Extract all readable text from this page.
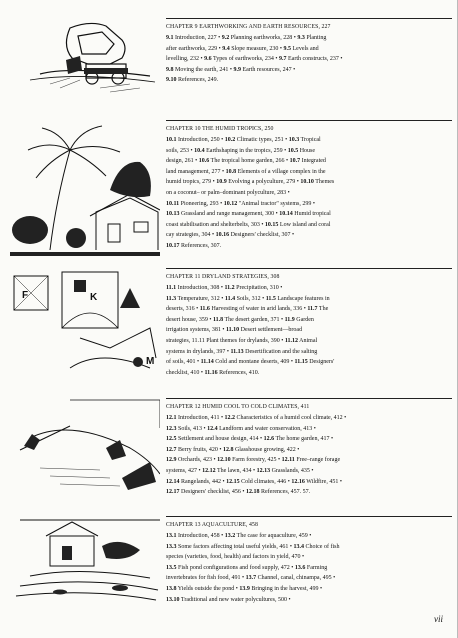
CHAPTER 9 EARTHWORKING AND EARTH RESOURCES, 227
9.1 Introduction, 227 • 9.2 Planning earthworks, 228 • 9.3 Planting
after earthworks, 229 • 9.4 Slope measure, 230 • 9.5 Levels and
levelling, 232 • 9.6 Types of earthworks, 234 • 9.7 Earth constructs, 237 •
9.8 Moving the earth, 241 • 9.9 Earth resources, 247 •
9.10 References, 249.
CHAPTER 10 THE HUMID TROPICS, 250
10.1 Introduction, 250 • 10.2 Climatic types, 251 • 10.3 Tropical
soils, 253 • 10.4 Earthshaping in the tropics, 259 • 10.5 House
design, 261 • 10.6 The tropical home garden, 266 • 10.7 Integrated
land management, 277 • 10.8 Elements of a village complex in the
humid tropics, 279 • 10.9 Evolving a polyculture, 279 • 10.10 Themes
on a coconut– or palm–dominant polyculture, 283 •
10.11 Pioneering, 293 • 10.12 "Animal tractor" systems, 299 •
10.13 Grassland and range management, 300 • 10.14 Humid tropical
coast stabilisation and shelterbelts, 303 • 10.15 Low island and coral
cay strategies, 304 • 10.16 Designers' checklist, 307 •
10.17 References, 307.
F	K
M
CHAPTER 11 DRYLAND STRATEGIES, 308
11.1 Introduction, 308 • 11.2 Precipitation, 310 •
11.3 Temperature, 312 • 11.4 Soils, 312 • 11.5 Landscape features in
deserts, 316 • 11.6 Harvesting of water in arid lands, 336 • 11.7 The
desert house, 359 • 11.8 The desert garden, 371 • 11.9 Garden
irrigation systems, 381 • 11.10 Desert settlement—broad
strategies, 11.11 Plant themes for drylands, 390 • 11.12 Animal
systems in drylands, 397 • 11.13 Desertification and the salting
of soils, 401 • 11.14 Cold and montane deserts, 409 • 11.15 Designers'
checklist, 410 • 11.16 References, 410.
CHAPTER 12 HUMID COOL TO COLD CLIMATES, 411
12.1 Introduction, 411 • 12.2 Characteristics of a humid cool climate, 412 •
12.3 Soils, 413 • 12.4 Landform and water conservation, 413 •
12.5 Settlement and house design, 414 • 12.6 The home garden, 417 •
12.7 Berry fruits, 420 • 12.8 Glasshouse growing, 422 •
12.9 Orchards, 423 • 12.10 Farm forestry, 425 • 12.11 Free–range forage
systems, 427 • 12.12 The lawn, 434 • 12.13 Grasslands, 435 •
12.14 Rangelands, 442 • 12.15 Cold climates, 446 • 12.16 Wildfire, 451 •
12.17 Designers' checklist, 456 • 12.18 References, 457. 57.
CHAPTER 13 AQUACULTURE, 458
13.1 Introduction, 458 • 13.2 The case for aquaculture, 459 •
13.3 Some factors affecting total useful yields, 461 • 13.4 Choice of fish
species (varieties, food, health) and factors in yield, 470 •
13.5 Fish pond configurations and food supply, 472 • 13.6 Farming
invertebrates for fish food, 491 • 13.7 Channel, canal, chinampa, 495 •
13.8 Yields outside the pond • 13.9 Bringing in the harvest, 499 •
13.10 Traditional and new water polycultures, 500 •
vii
